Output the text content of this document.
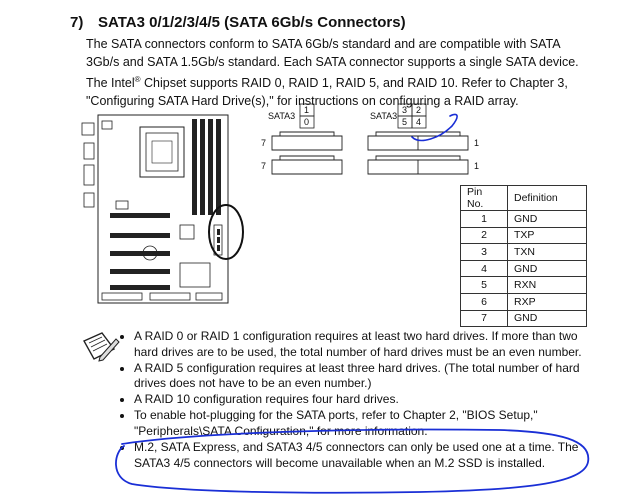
7) SATA3 0/1/2/3/4/5 (SATA 6Gb/s Connectors)
The SATA connectors conform to SATA 6Gb/s standard and are compatible with SATA 3Gb/s and SATA 1.5Gb/s standard. Each SATA connector supports a single SATA device. The Intel® Chipset supports RAID 0, RAID 1, RAID 5, and RAID 10. Refer to Chapter 3, "Configuring SATA Hard Drive(s)," for instructions on configuring a RAID array.
SATA3
1
0
SATA3
3 2
5 4
7
7
1
1
Pin No.	Definition
1	GND
2	TXP
3	TXN
4	GND
5	RXN
6	RXP
7	GND
• A RAID 0 or RAID 1 configuration requires at least two hard drives. If more than two hard drives are to be used, the total number of hard drives must be an even number.
• A RAID 5 configuration requires at least three hard drives. (The total number of hard drives does not have to be an even number.)
• A RAID 10 configuration requires four hard drives.
• To enable hot-plugging for the SATA ports, refer to Chapter 2, "BIOS Setup," "Peripherals\SATA Configuration," for more information.
• M.2, SATA Express, and SATA3 4/5 connectors can only be used one at a time. The SATA3 4/5 connectors will become unavailable when an M.2 SSD is installed.
